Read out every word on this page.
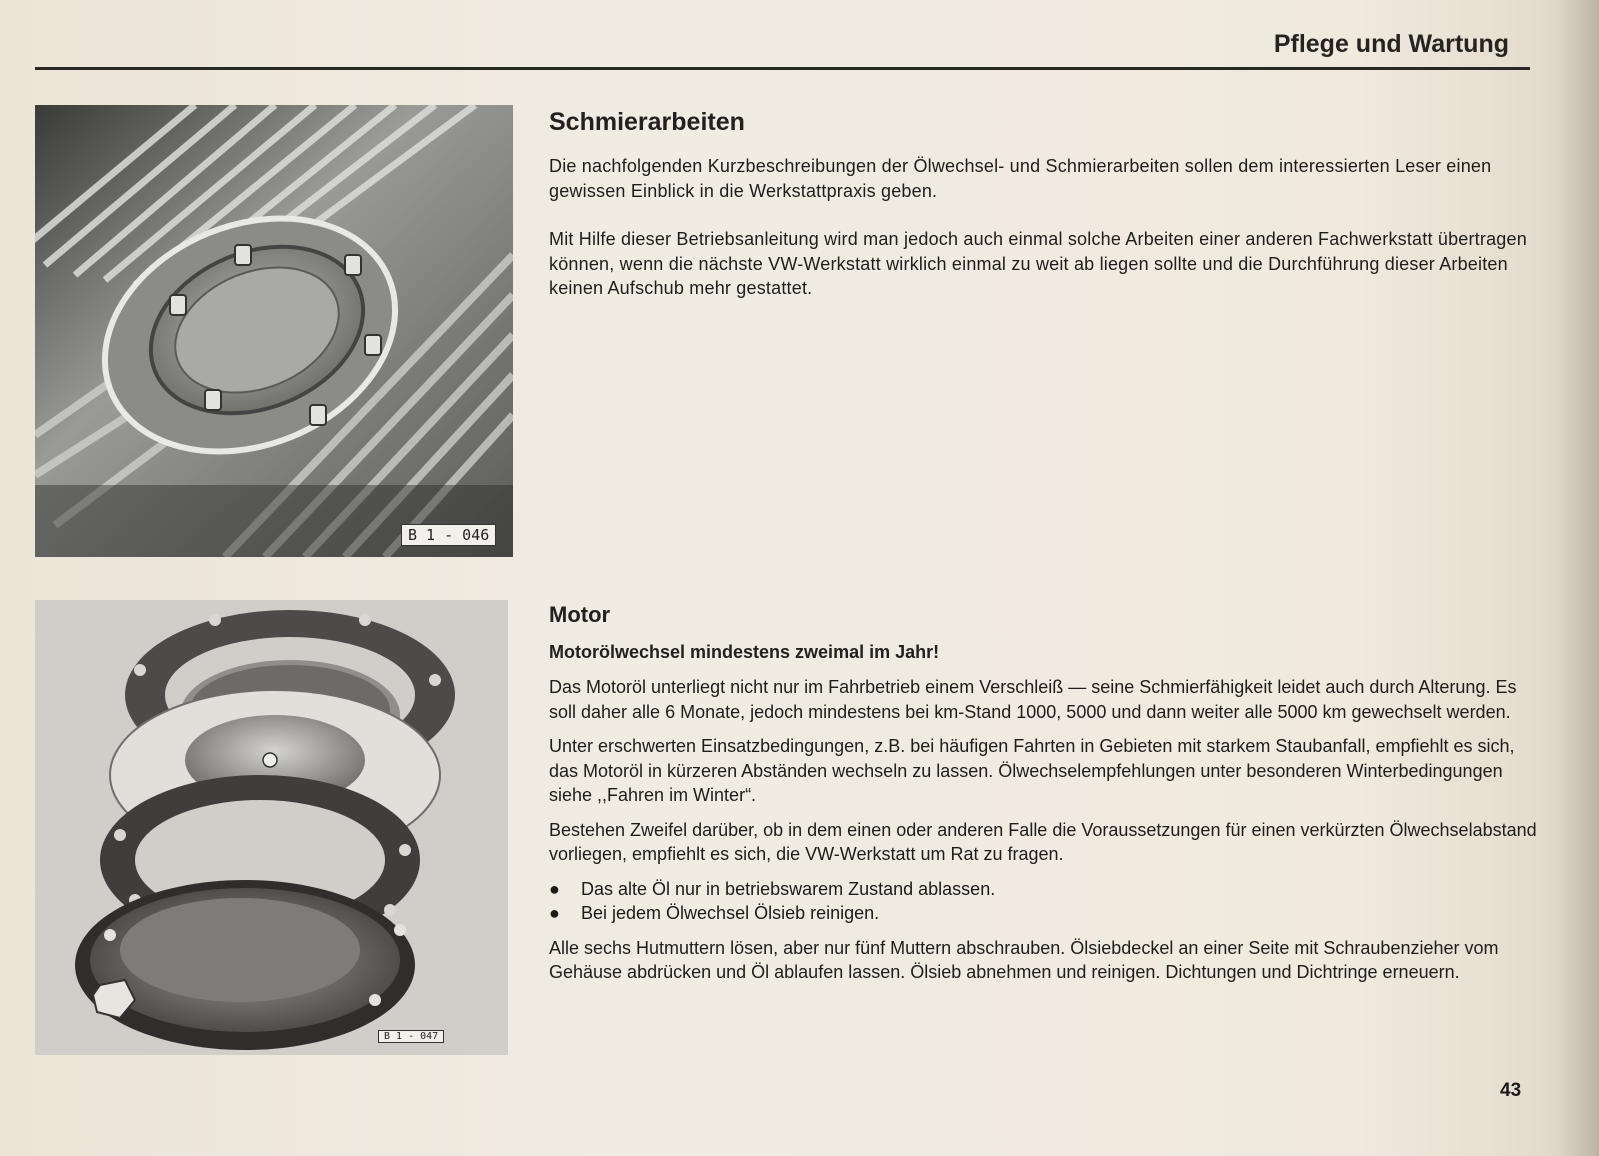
Pflege und Wartung
B 1 - 046
B 1 - 047
Schmierarbeiten

Die nachfolgenden Kurzbeschreibungen der Ölwechsel- und Schmierarbeiten sollen dem interessierten Leser einen gewissen Einblick in die Werkstattpraxis geben.

Mit Hilfe dieser Betriebsanleitung wird man jedoch auch einmal solche Arbeiten einer anderen Fachwerkstatt übertragen können, wenn die nächste VW-Werkstatt wirklich einmal zu weit ab liegen sollte und die Durchführung dieser Arbeiten keinen Aufschub mehr gestattet.

Motor
Motorölwechsel mindestens zweimal im Jahr!

Das Motoröl unterliegt nicht nur im Fahrbetrieb einem Verschleiß — seine Schmierfähigkeit leidet auch durch Alterung. Es soll daher alle 6 Monate, jedoch mindestens bei km-Stand 1000, 5000 und dann weiter alle 5000 km gewechselt werden.

Unter erschwerten Einsatzbedingungen, z.B. bei häufigen Fahrten in Gebieten mit starkem Staubanfall, empfiehlt es sich, das Motoröl in kürzeren Abständen wechseln zu lassen. Ölwechselempfehlungen unter besonderen Winterbedingungen siehe ,,Fahren im Winter“.

Bestehen Zweifel darüber, ob in dem einen oder anderen Falle die Voraussetzungen für einen verkürzten Ölwechselabstand vorliegen, empfiehlt es sich, die VW-Werkstatt um Rat zu fragen.

● Das alte Öl nur in betriebswarem Zustand ablassen.
● Bei jedem Ölwechsel Ölsieb reinigen.

Alle sechs Hutmuttern lösen, aber nur fünf Muttern abschrauben. Ölsiebdeckel an einer Seite mit Schraubenzieher vom Gehäuse abdrücken und Öl ablaufen lassen. Ölsieb abnehmen und reinigen. Dichtungen und Dichtringe erneuern.

43
